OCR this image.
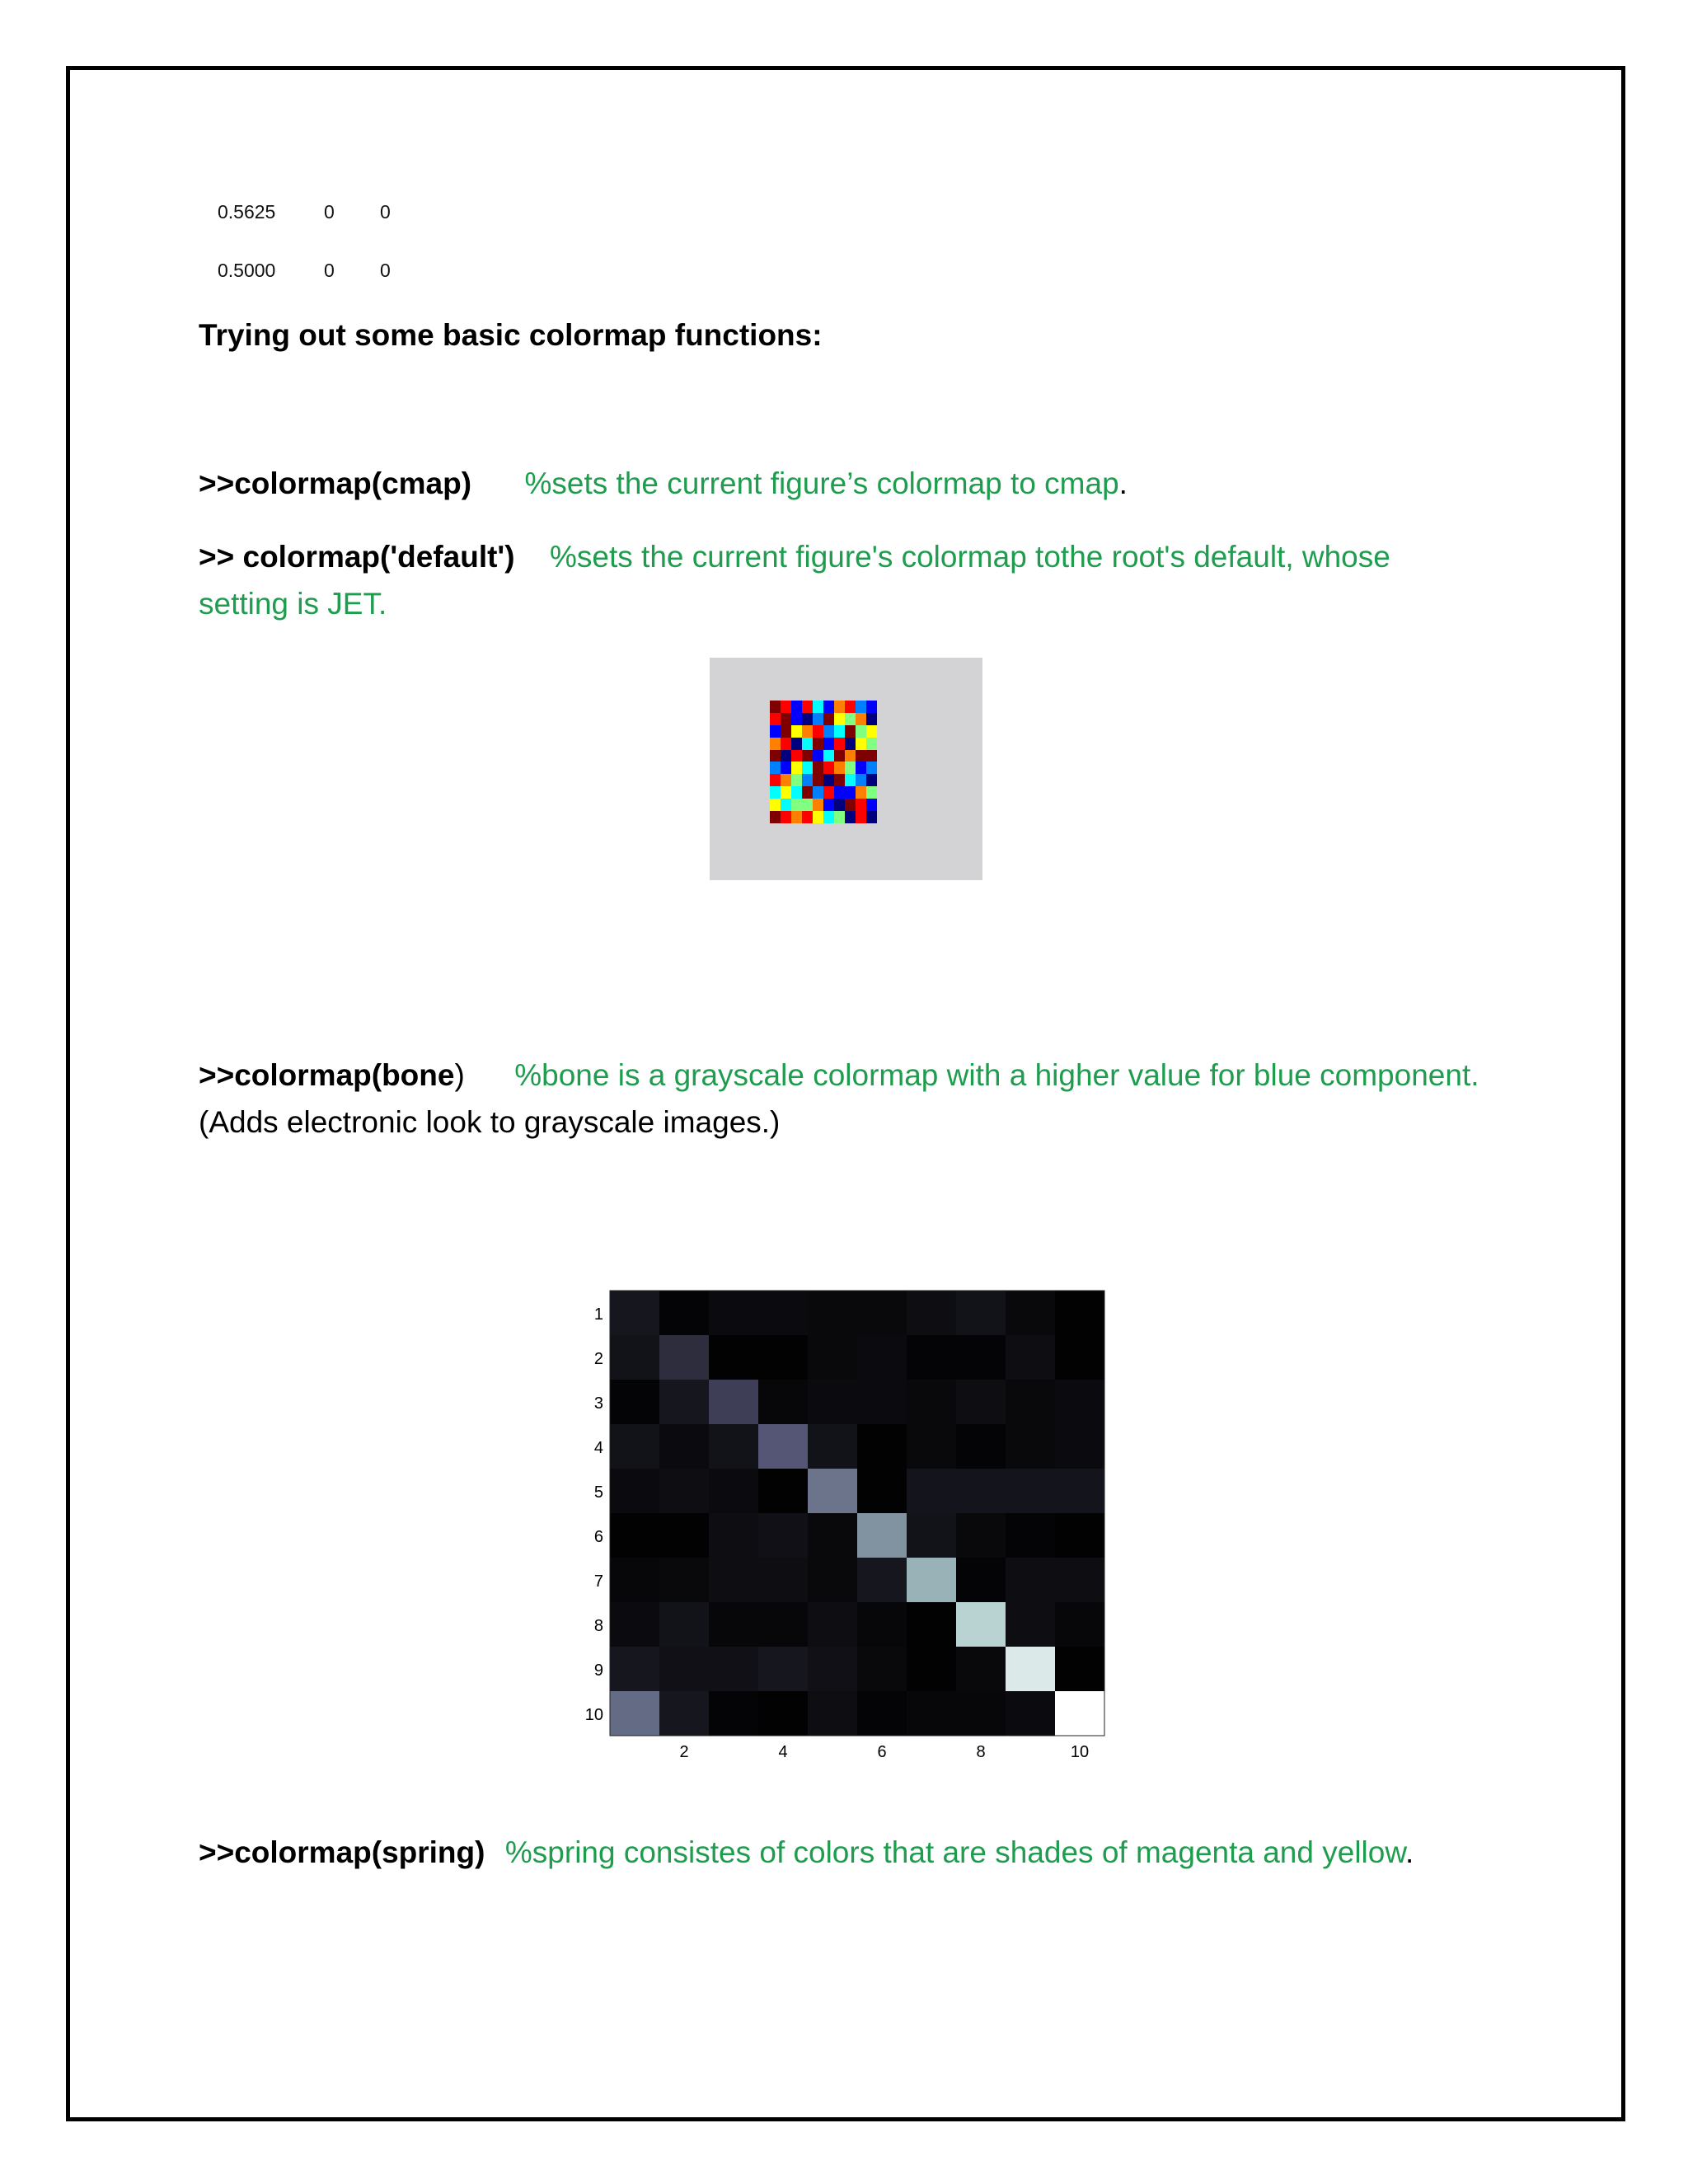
0.5625	0 0
0.5000	0 0
Trying out some basic colormap functions:
>>colormap(cmap) %sets the current figure’s colormap to cmap.
>> colormap('default') %sets the current figure's colormap tothe root's default, whose
setting is JET.
>>colormap(bone) %bone is a grayscale colormap with a higher value for blue component.
(Adds electronic look to grayscale images.)
1
2
3
4
5
6
7
8
9
10
2	4	6	8	10
>>colormap(spring) %spring consistes of colors that are shades of magenta and yellow.
